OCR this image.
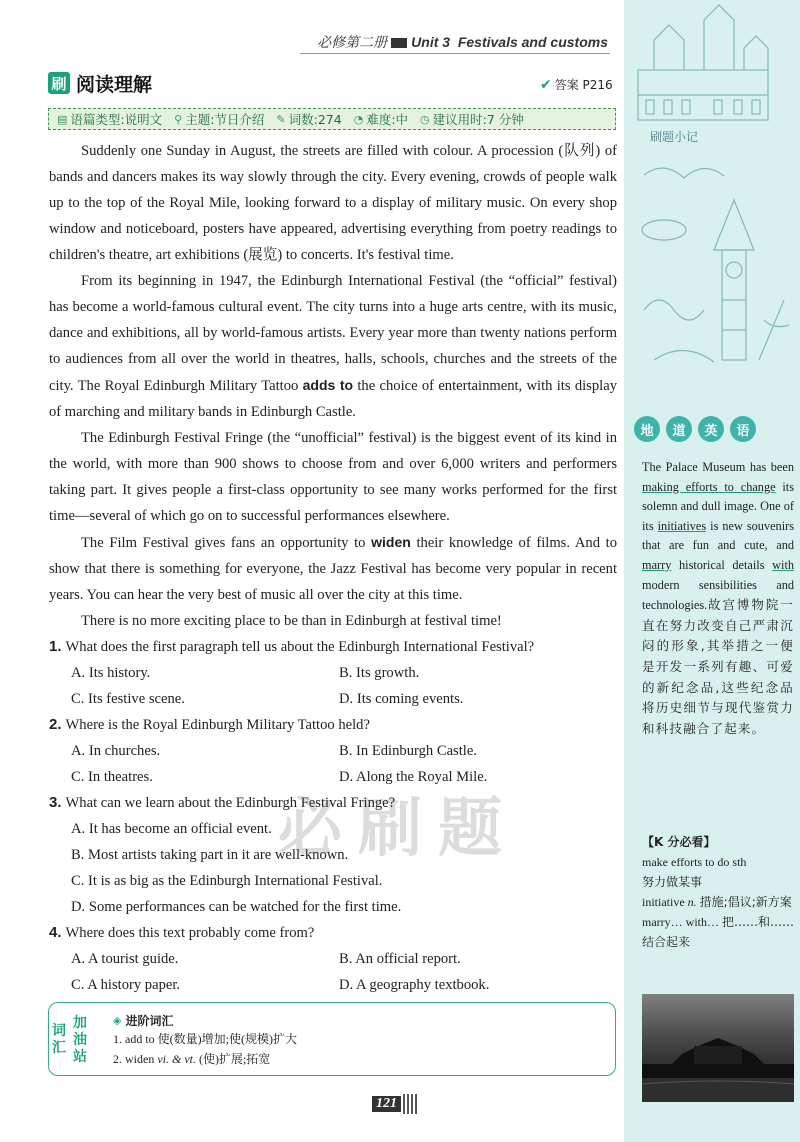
必修第二册 Unit 3 Festivals and customs
刷 阅读理解	✔ 答案 P216
▤ 语篇类型:说明文 ⚲ 主题:节日介绍 ✎ 词数:274 ◔ 难度:中 ◷ 建议用时:7 分钟

Suddenly one Sunday in August, the streets are filled with colour. A procession (队列) of bands and dancers makes its way slowly through the city. Every evening, crowds of people walk up to the top of the Royal Mile, looking forward to a display of military music. On every shop window and noticeboard, posters have appeared, advertising everything from poetry readings to children's theatre, art exhibitions (展览) to concerts. It's festival time.

From its beginning in 1947, the Edinburgh International Festival (the “official” festival) has become a world-famous cultural event. The city turns into a huge arts centre, with its music, dance and exhibitions, all by world-famous artists. Every year more than twenty nations perform to audiences from all over the world in theatres, halls, schools, churches and the streets of the city. The Royal Edinburgh Military Tattoo adds to the choice of entertainment, with its display of marching and military bands in Edinburgh Castle.

The Edinburgh Festival Fringe (the “unofficial” festival) is the biggest event of its kind in the world, with more than 900 shows to choose from and over 6,000 writers and performers taking part. It gives people a first-class opportunity to see many works performed for the first time—several of which go on to successful performances elsewhere.

The Film Festival gives fans an opportunity to widen their knowledge of films. And to show that there is something for everyone, the Jazz Festival has become very popular in recent years. You can hear the very best of music all over the city at this time.

There is no more exciting place to be than in Edinburgh at festival time!

1. What does the first paragraph tell us about the Edinburgh International Festival?
A. Its history.	B. Its growth.
C. Its festive scene.	D. Its coming events.
2. Where is the Royal Edinburgh Military Tattoo held?
A. In churches.	B. In Edinburgh Castle.
C. In theatres.	D. Along the Royal Mile.
3. What can we learn about the Edinburgh Festival Fringe?
A. It has become an official event.
B. Most artists taking part in it are well-known.
C. It is as big as the Edinburgh International Festival.
D. Some performances can be watched for the first time.
4. Where does this text probably come from?
A. A tourist guide.	B. An official report.
C. A history paper.	D. A geography textbook.
必 刷 题
词
汇
加
油
站
◈ 进阶词汇
1. add to 使(数量)增加;使(规模)扩大
2. widen vi. & vt. (使)扩展;拓宽
121
刷题小记
地	道	英	语
The Palace Museum has been making efforts to change its solemn and dull image. One of its initiatives is new souvenirs that are fun and cute, and marry historical details with modern sensibilities and technologies.故宫博物院一直在努力改变自己严肃沉闷的形象,其举措之一便是开发一系列有趣、可爱的新纪念品,这些纪念品将历史细节与现代鉴赏力和科技融合了起来。
【K 分必看】
make efforts to do sth
努力做某事
initiative n. 措施;倡议;新方案
marry… with… 把……和……结合起来
